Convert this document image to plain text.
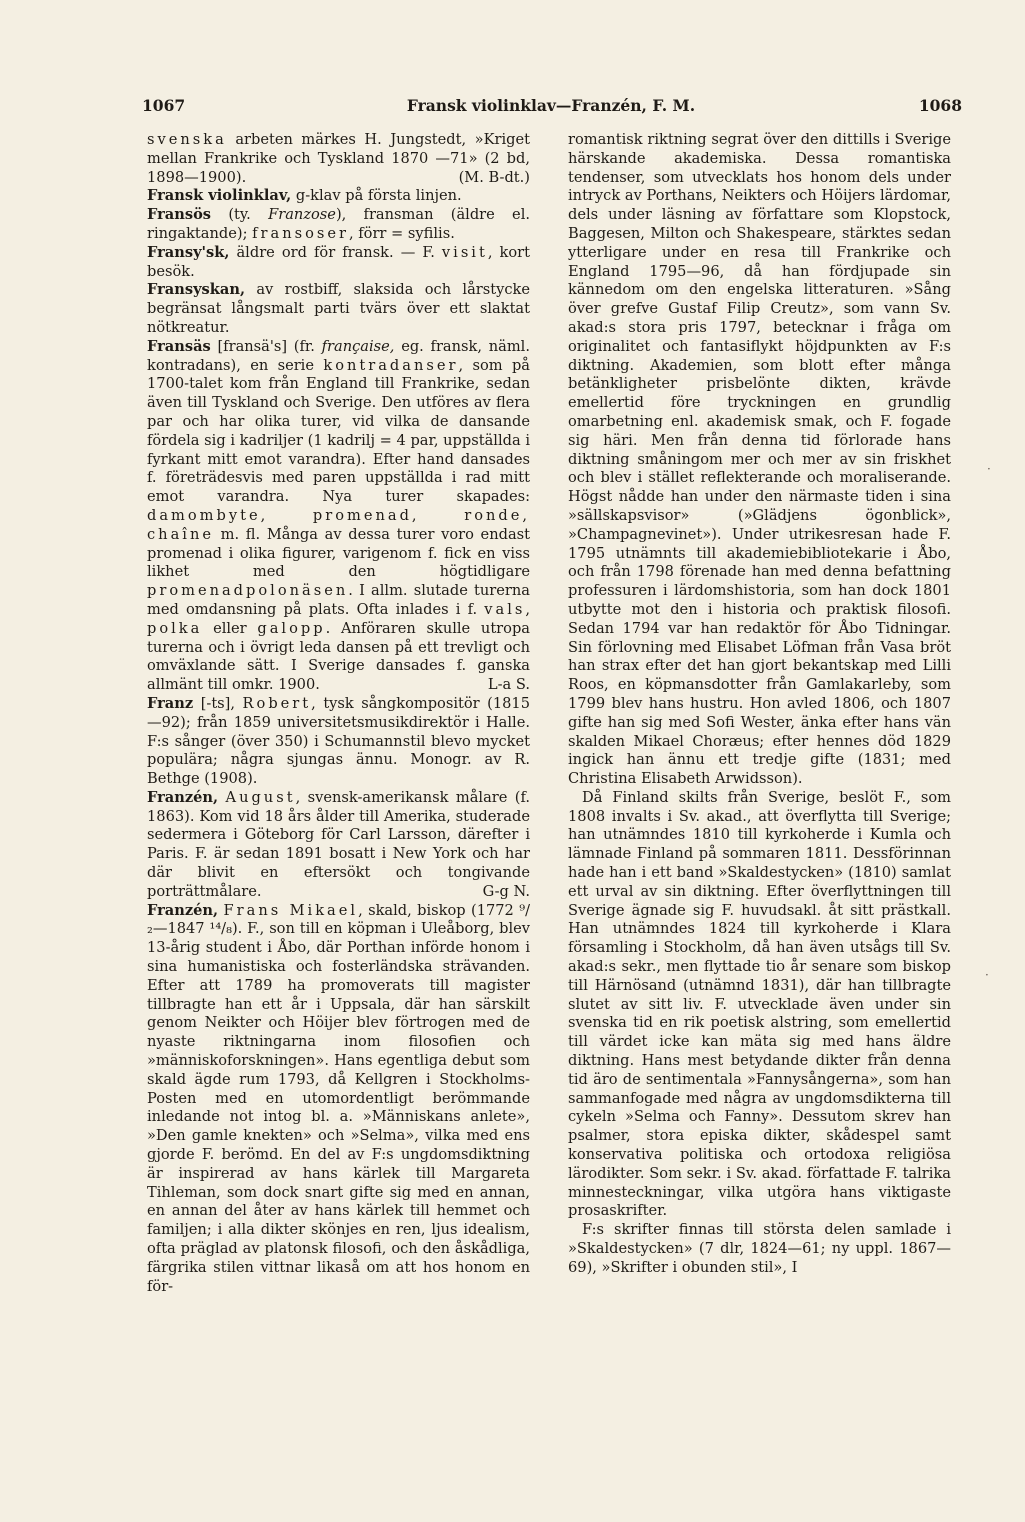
1067	Fransk violinklav—Franzén, F. M.	1068

svenska arbeten märkes H. Jungstedt, »Kriget mellan Frankrike och Tyskland 1870 —71» (2 bd, 1898—1900).	(M. B-dt.)

Fransk violinklav, g-klav på första linjen.

Fransös (ty. Franzose), fransman (äldre el. ringaktande); fransoser, förr = syfilis.

Fransy'sk, äldre ord för fransk. — F. visit, kort besök.

Fransyskan, av rostbiff, slaksida och lårstycke begränsat långsmalt parti tvärs över ett slaktat nötkreatur.

Fransäs [fransä's] (fr. française, eg. fransk, näml. kontradans), en serie kontradanser, som på 1700-talet kom från England till Frankrike, sedan även till Tyskland och Sverige. Den utföres av flera par och har olika turer, vid vilka de dansande fördela sig i kadriljer (1 kadrilj = 4 par, uppställda i fyrkant mitt emot varandra). Efter hand dansades f. företrädesvis med paren uppställda i rad mitt emot varandra. Nya turer skapades: damombyte, promenad, ronde, chaîne m. fl. Många av dessa turer voro endast promenad i olika figurer, varigenom f. fick en viss likhet med den högtidligare promenadpolonäsen. I allm. slutade turerna med omdansning på plats. Ofta inlades i f. vals, polka eller galopp. Anföraren skulle utropa turerna och i övrigt leda dansen på ett trevligt och omväxlande sätt. I Sverige dansades f. ganska allmänt till omkr. 1900.	L-a S.

Franz [-ts], Robert, tysk sångkompositör (1815—92); från 1859 universitetsmusikdirektör i Halle. F:s sånger (över 350) i Schumannstil blevo mycket populära; några sjungas ännu. Monogr. av R. Bethge (1908).

Franzén, August, svensk-amerikansk målare (f. 1863). Kom vid 18 års ålder till Amerika, studerade sedermera i Göteborg för Carl Larsson, därefter i Paris. F. är sedan 1891 bosatt i New York och har där blivit en eftersökt och tongivande porträttmålare.	G-g N.

Franzén, Frans Mikael, skald, biskop (1772 ⁹/₂—1847 ¹⁴/₈). F., son till en köpman i Uleåborg, blev 13-årig student i Åbo, där Porthan införde honom i sina humanistiska och fosterländska strävanden. Efter att 1789 ha promoverats till magister tillbragte han ett år i Uppsala, där han särskilt genom Neikter och Höijer blev förtrogen med de nyaste riktningarna inom filosofien och »människoforskningen». Hans egentliga debut som skald ägde rum 1793, då Kellgren i Stockholms-Posten med en utomordentligt berömmande inledande not intog bl. a. »Människans anlete», »Den gamle knekten» och »Selma», vilka med ens gjorde F. berömd. En del av F:s ungdomsdiktning är inspirerad av hans kärlek till Margareta Tihleman, som dock snart gifte sig med en annan, en annan del åter av hans kärlek till hemmet och familjen; i alla dikter skönjes en ren, ljus idealism, ofta präglad av platonsk filosofi, och den åskådliga, färgrika stilen vittnar likaså om att hos honom en för-

romantisk riktning segrat över den dittills i Sverige härskande akademiska. Dessa romantiska tendenser, som utvecklats hos honom dels under intryck av Porthans, Neikters och Höijers lärdomar, dels under läsning av författare som Klopstock, Baggesen, Milton och Shakespeare, stärktes sedan ytterligare under en resa till Frankrike och England 1795—96, då han fördjupade sin kännedom om den engelska litteraturen. »Sång över grefve Gustaf Filip Creutz», som vann Sv. akad:s stora pris 1797, betecknar i fråga om originalitet och fantasiflykt höjdpunkten av F:s diktning. Akademien, som blott efter många betänkligheter prisbelönte dikten, krävde emellertid före tryckningen en grundlig omarbetning enl. akademisk smak, och F. fogade sig häri. Men från denna tid förlorade hans diktning småningom mer och mer av sin friskhet och blev i stället reflekterande och moraliserande. Högst nådde han under den närmaste tiden i sina »sällskapsvisor» (»Glädjens ögonblick», »Champagnevinet»). Under utrikesresan hade F. 1795 utnämnts till akademiebibliotekarie i Åbo, och från 1798 förenade han med denna befattning professuren i lärdomshistoria, som han dock 1801 utbytte mot den i historia och praktisk filosofi. Sedan 1794 var han redaktör för Åbo Tidningar. Sin förlovning med Elisabet Löfman från Vasa bröt han strax efter det han gjort bekantskap med Lilli Roos, en köpmansdotter från Gamlakarleby, som 1799 blev hans hustru. Hon avled 1806, och 1807 gifte han sig med Sofi Wester, änka efter hans vän skalden Mikael Choræus; efter hennes död 1829 ingick han ännu ett tredje gifte (1831; med Christina Elisabeth Arwidsson).

Då Finland skilts från Sverige, beslöt F., som 1808 invalts i Sv. akad., att överflytta till Sverige; han utnämndes 1810 till kyrkoherde i Kumla och lämnade Finland på sommaren 1811. Dessförinnan hade han i ett band »Skaldestycken» (1810) samlat ett urval av sin diktning. Efter överflyttningen till Sverige ägnade sig F. huvudsakl. åt sitt prästkall. Han utnämndes 1824 till kyrkoherde i Klara församling i Stockholm, då han även utsågs till Sv. akad:s sekr., men flyttade tio år senare som biskop till Härnösand (utnämnd 1831), där han tillbragte slutet av sitt liv. F. utvecklade även under sin svenska tid en rik poetisk alstring, som emellertid till värdet icke kan mäta sig med hans äldre diktning. Hans mest betydande dikter från denna tid äro de sentimentala »Fannysångerna», som han sammanfogade med några av ungdomsdikterna till cykeln »Selma och Fanny». Dessutom skrev han psalmer, stora episka dikter, skådespel samt konservativa politiska och ortodoxa religiösa lärodikter. Som sekr. i Sv. akad. författade F. talrika minnesteckningar, vilka utgöra hans viktigaste prosaskrifter.

F:s skrifter finnas till största delen samlade i »Skaldestycken» (7 dlr, 1824—61; ny uppl. 1867—69), »Skrifter i obunden stil», I

·
·
